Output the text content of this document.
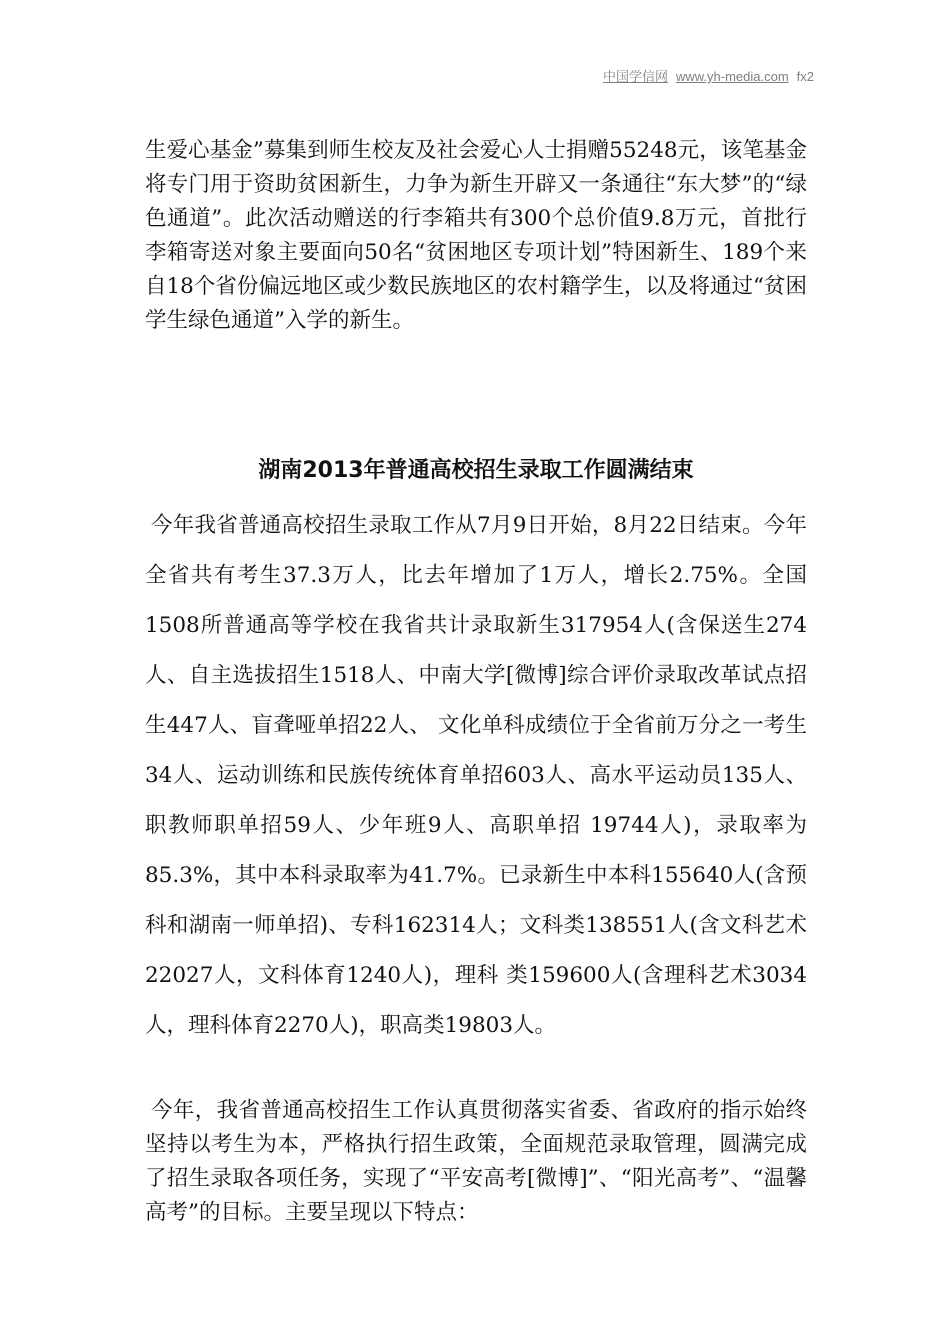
中国学信网 www.yh-media.com fx2

生爱心基金”募集到师生校友及社会爱心人士捐赠55248元，该笔基金将专门用于资助贫困新生，力争为新生开辟又一条通往“东大梦”的“绿色通道”。此次活动赠送的行李箱共有300个总价值9.8万元，首批行李箱寄送对象主要面向50名“贫困地区专项计划”特困新生、189个来自18个省份偏远地区或少数民族地区的农村籍学生，以及将通过“贫困学生绿色通道”入学的新生。

湖南2013年普通高校招生录取工作圆满结束

今年我省普通高校招生录取工作从7月9日开始，8月22日结束。今年全省共有考生37.3万人，比去年增加了1万人，增长2.75%。全国1508所普通高等学校在我省共计录取新生317954人(含保送生274人、自主选拔招生1518人、中南大学[微博]综合评价录取改革试点招生447人、盲聋哑单招22人、 文化单科成绩位于全省前万分之一考生34人、运动训练和民族传统体育单招603人、高水平运动员135人、职教师职单招59人、少年班9人、高职单招 19744人)，录取率为85.3%，其中本科录取率为41.7%。已录新生中本科155640人(含预科和湖南一师单招)、专科162314人；文科类138551人(含文科艺术22027人，文科体育1240人)，理科 类159600人(含理科艺术3034人，理科体育2270人)，职高类19803人。

今年，我省普通高校招生工作认真贯彻落实省委、省政府的指示始终坚持以考生为本，严格执行招生政策，全面规范录取管理，圆满完成了招生录取各项任务，实现了“平安高考[微博]”、“阳光高考”、“温馨高考”的目标。主要呈现以下特点：
